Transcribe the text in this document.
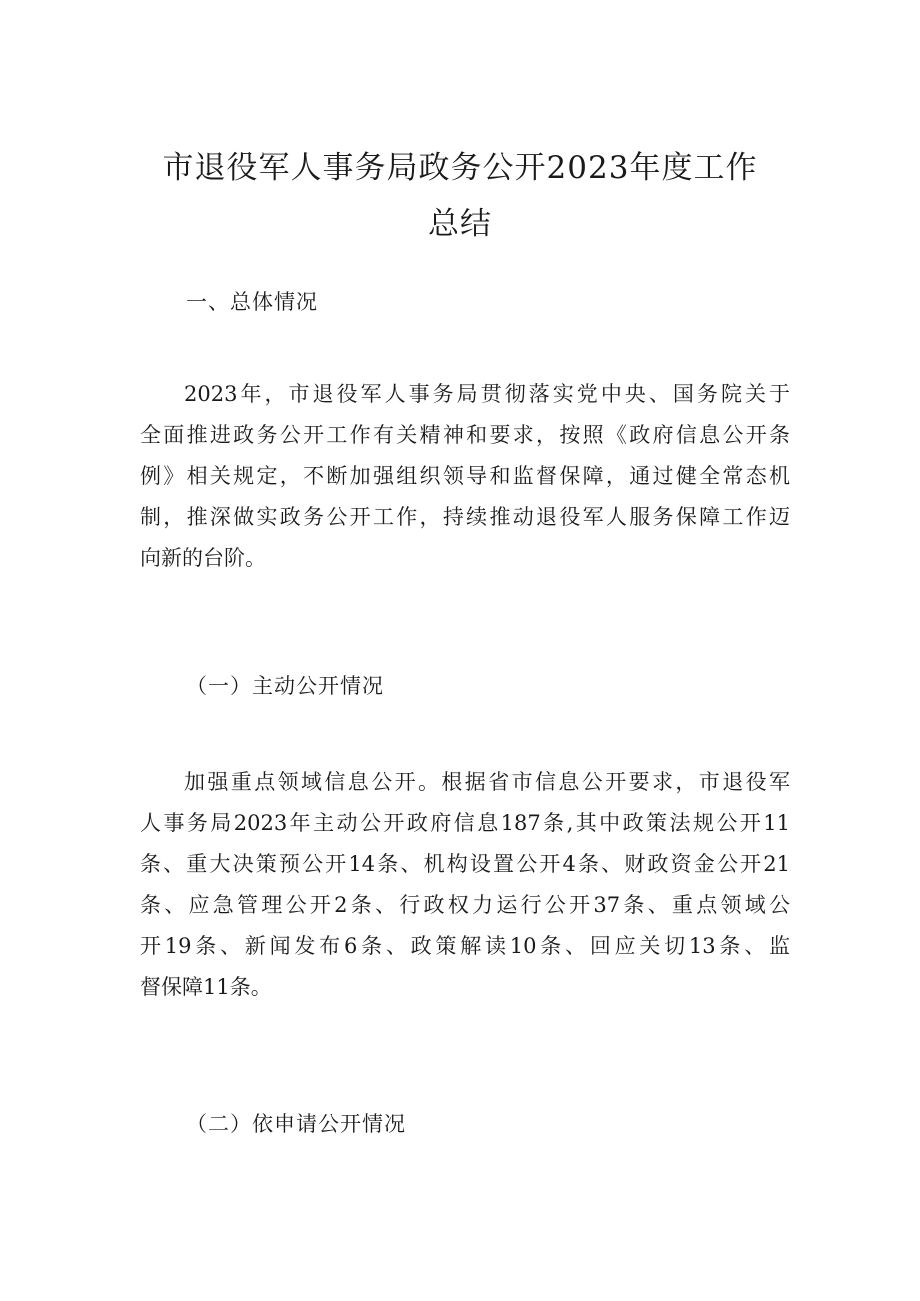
市退役军人事务局政务公开2023年度工作
总结
一、总体情况
2023年，市退役军人事务局贯彻落实党中央、国务院关于
全面推进政务公开工作有关精神和要求，按照《政府信息公开条
例》相关规定，不断加强组织领导和监督保障，通过健全常态机
制，推深做实政务公开工作，持续推动退役军人服务保障工作迈
向新的台阶。
（一）主动公开情况
加强重点领域信息公开。根据省市信息公开要求，市退役军
人事务局2023年主动公开政府信息187条,其中政策法规公开11
条、重大决策预公开14条、机构设置公开4条、财政资金公开21
条、应急管理公开2条、行政权力运行公开37条、重点领域公
开19条、新闻发布6条、政策解读10条、回应关切13条、监
督保障11条。
（二）依申请公开情况
